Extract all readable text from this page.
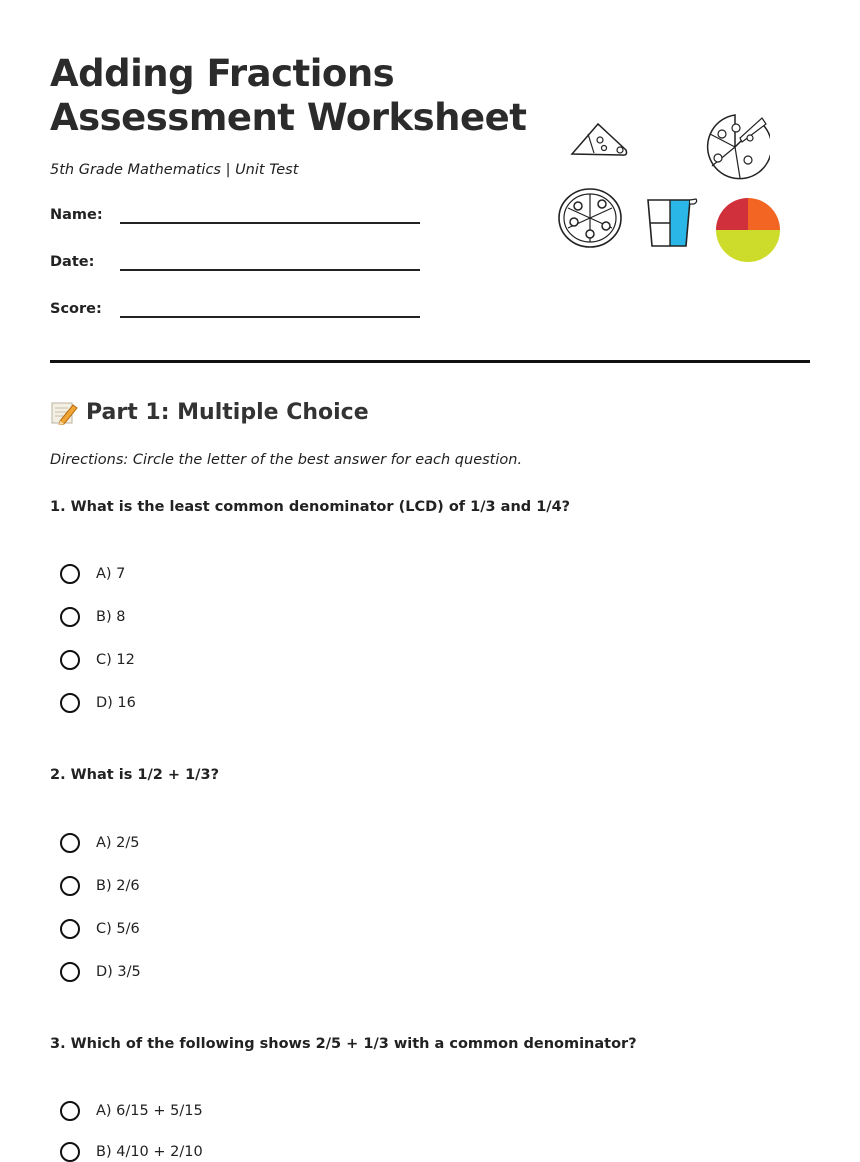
Adding Fractions
Assessment Worksheet
5th Grade Mathematics | Unit Test
Name:
Date:
Score:
Part 1: Multiple Choice
Directions: Circle the letter of the best answer for each question.
1. What is the least common denominator (LCD) of 1/3 and 1/4?
A) 7
B) 8
C) 12
D) 16
2. What is 1/2 + 1/3?
A) 2/5
B) 2/6
C) 5/6
D) 3/5
3. Which of the following shows 2/5 + 1/3 with a common denominator?
A) 6/15 + 5/15
B) 4/10 + 2/10
